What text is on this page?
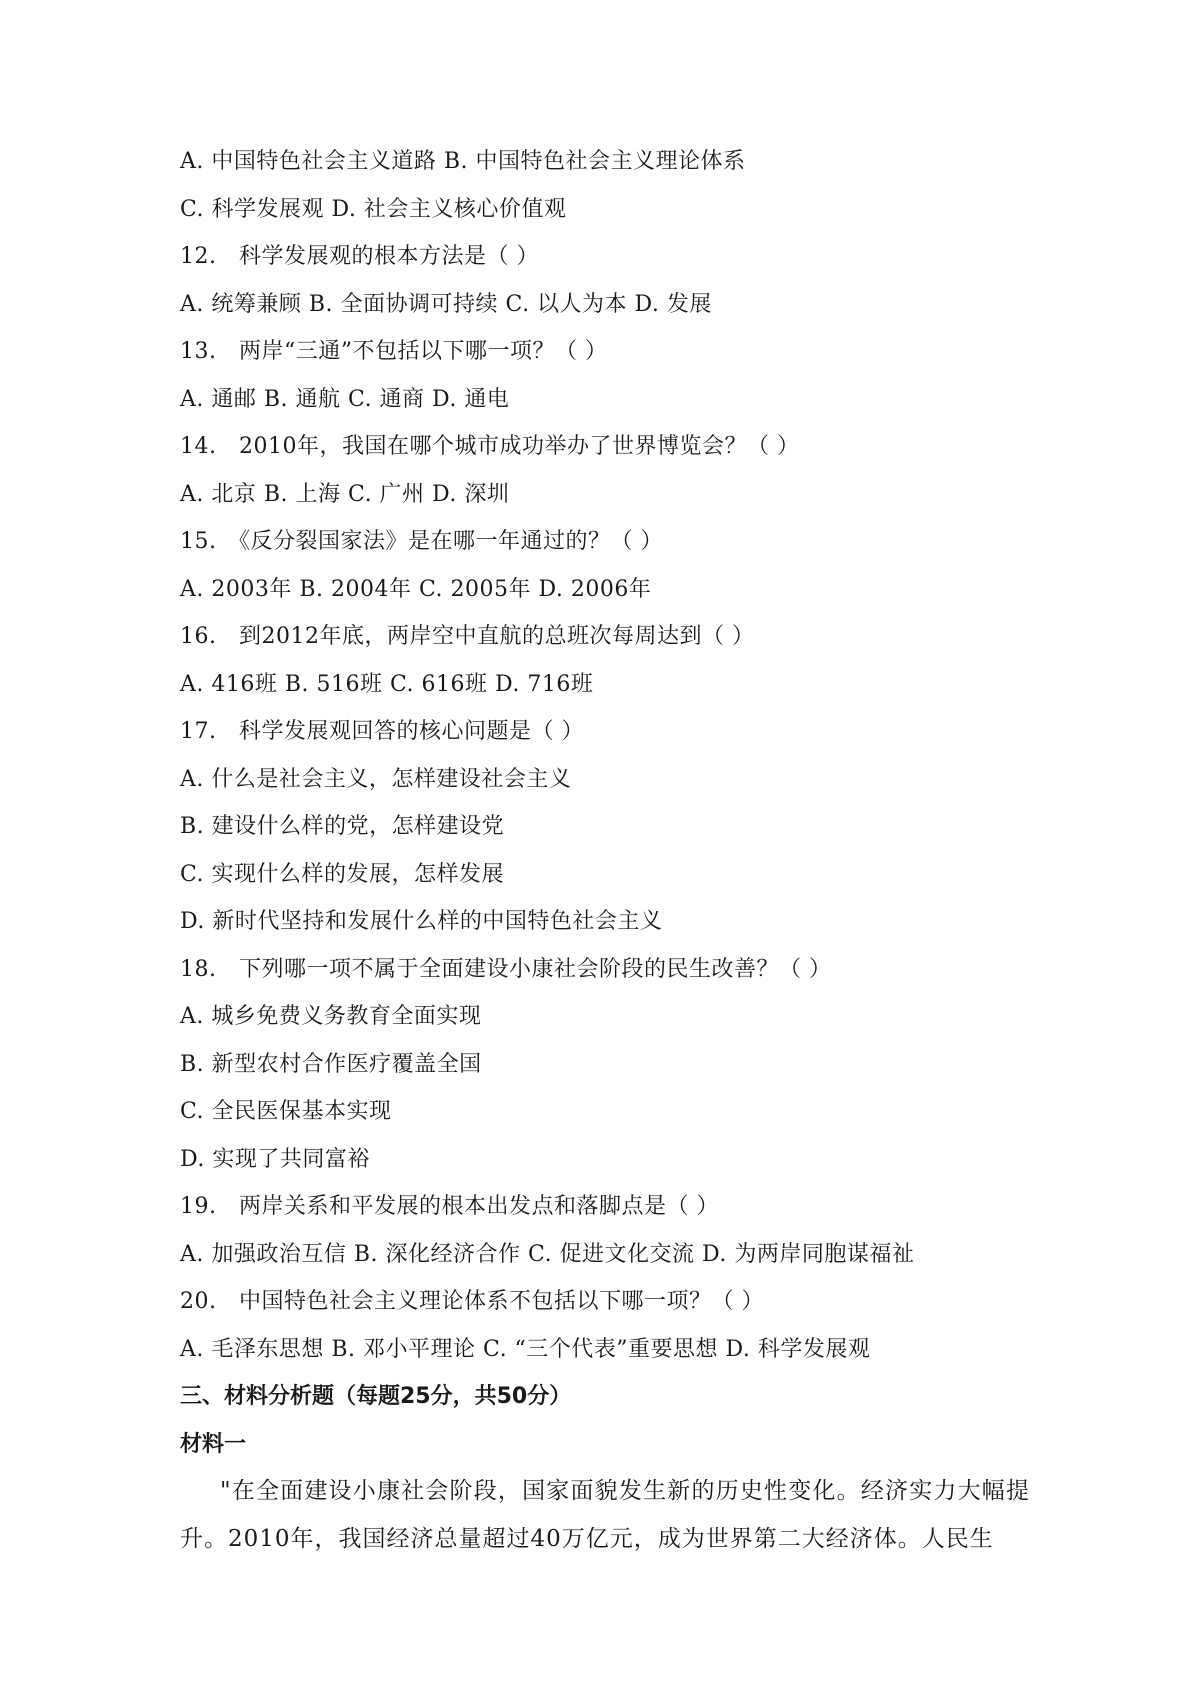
A. 中国特色社会主义道路 B. 中国特色社会主义理论体系
C. 科学发展观 D. 社会主义核心价值观
12.　科学发展观的根本方法是（ ）
A. 统筹兼顾 B. 全面协调可持续 C. 以人为本 D. 发展
13.　两岸“三通”不包括以下哪一项？（ ）
A. 通邮 B. 通航 C. 通商 D. 通电
14.　2010年，我国在哪个城市成功举办了世界博览会？（ ）
A. 北京 B. 上海 C. 广州 D. 深圳
15.　《反分裂国家法》是在哪一年通过的？（ ）
A. 2003年 B. 2004年 C. 2005年 D. 2006年
16.　到2012年底，两岸空中直航的总班次每周达到（ ）
A. 416班 B. 516班 C. 616班 D. 716班
17.　科学发展观回答的核心问题是（ ）
A. 什么是社会主义，怎样建设社会主义
B. 建设什么样的党，怎样建设党
C. 实现什么样的发展，怎样发展
D. 新时代坚持和发展什么样的中国特色社会主义
18.　下列哪一项不属于全面建设小康社会阶段的民生改善？（ ）
A. 城乡免费义务教育全面实现
B. 新型农村合作医疗覆盖全国
C. 全民医保基本实现
D. 实现了共同富裕
19.　两岸关系和平发展的根本出发点和落脚点是（ ）
A. 加强政治互信 B. 深化经济合作 C. 促进文化交流 D. 为两岸同胞谋福祉
20.　中国特色社会主义理论体系不包括以下哪一项？（ ）
A. 毛泽东思想 B. 邓小平理论 C. “三个代表”重要思想 D. 科学发展观
三、材料分析题（每题25分，共50分）
材料一
"在全面建设小康社会阶段，国家面貌发生新的历史性变化。经济实力大幅提升。2010年，我国经济总量超过40万亿元，成为世界第二大经济体。人民生
